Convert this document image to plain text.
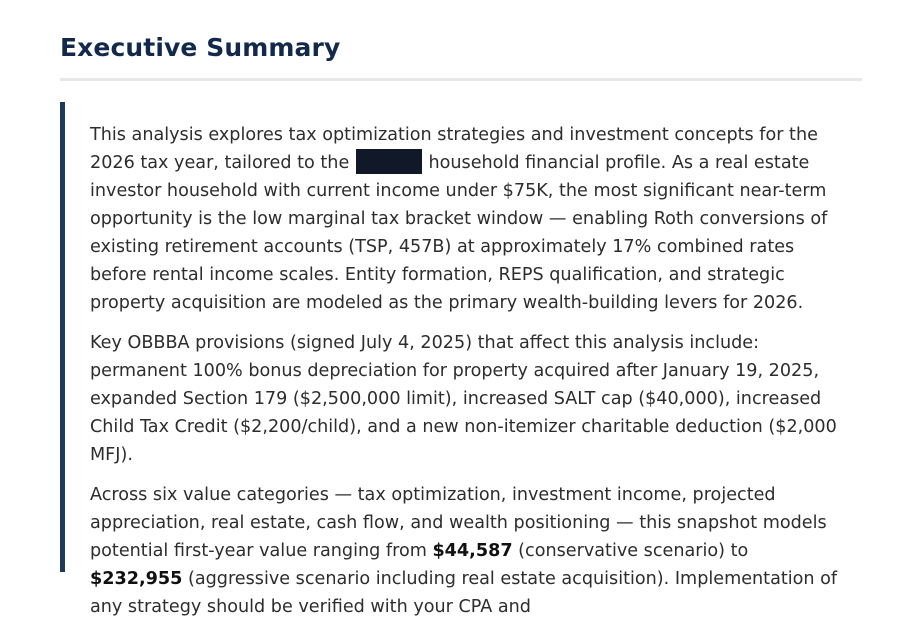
Executive Summary

This analysis explores tax optimization strategies and investment concepts for the 2026 tax year, tailored to the	household financial profile. As a real estate investor household with current income under $75K, the most significant near-term opportunity is the low marginal tax bracket window — enabling Roth conversions of existing retirement accounts (TSP, 457B) at approximately 17% combined rates before rental income scales. Entity formation, REPS qualification, and strategic property acquisition are modeled as the primary wealth-building levers for 2026.

Key OBBBA provisions (signed July 4, 2025) that affect this analysis include: permanent 100% bonus depreciation for property acquired after January 19, 2025, expanded Section 179 ($2,500,000 limit), increased SALT cap ($40,000), increased Child Tax Credit ($2,200/child), and a new non-itemizer charitable deduction ($2,000 MFJ).

Across six value categories — tax optimization, investment income, projected appreciation, real estate, cash flow, and wealth positioning — this snapshot models potential first-year value ranging from $44,587 (conservative scenario) to $232,955 (aggressive scenario including real estate acquisition). Implementation of any strategy should be verified with your CPA and
